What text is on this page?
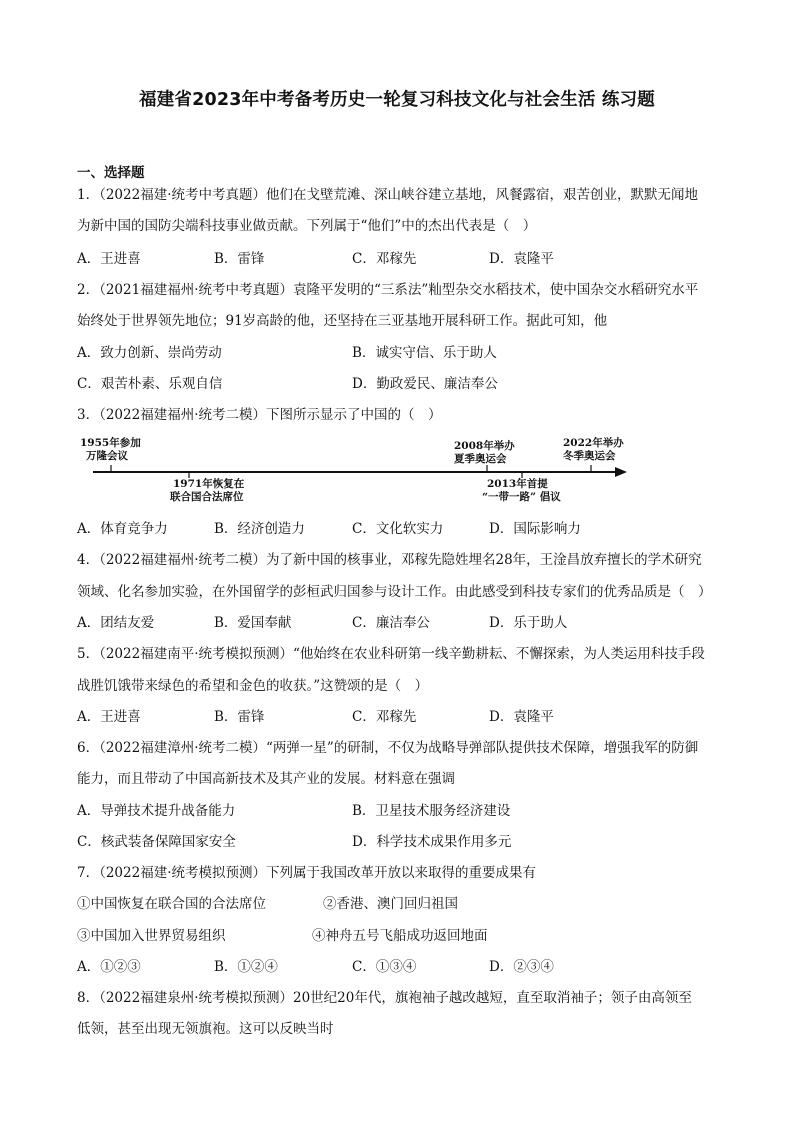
福建省2023年中考备考历史一轮复习科技文化与社会生活 练习题
一、选择题
1．（2022福建·统考中考真题）他们在戈壁荒滩、深山峡谷建立基地，风餐露宿，艰苦创业，默默无闻地
为新中国的国防尖端科技事业做贡献。下列属于“他们”中的杰出代表是（　）
A．王进喜	B．雷锋	C．邓稼先	D．袁隆平
2．（2021福建福州·统考中考真题）袁隆平发明的“三系法”籼型杂交水稻技术，使中国杂交水稻研究水平
始终处于世界领先地位；91岁高龄的他，还坚持在三亚基地开展科研工作。据此可知，他
A．致力创新、崇尚劳动	B．诚实守信、乐于助人
C．艰苦朴素、乐观自信	D．勤政爱民、廉洁奉公
3．（2022福建福州·统考二模）下图所示显示了中国的（　）
1955年参加
万隆会议
1971年恢复在
联合国合法席位
2008年举办
夏季奥运会
2013年首提
“一带一路” 倡议
2022年举办
冬季奥运会
A．体育竞争力	B．经济创造力	C．文化软实力	D．国际影响力
4．（2022福建福州·统考二模）为了新中国的核事业，邓稼先隐姓埋名28年，王淦昌放弃擅长的学术研究
领域、化名参加实验，在外国留学的彭桓武归国参与设计工作。由此感受到科技专家们的优秀品质是（　）
A．团结友爱	B．爱国奉献	C．廉洁奉公	D．乐于助人
5．（2022福建南平·统考模拟预测）“他始终在农业科研第一线辛勤耕耘、不懈探索，为人类运用科技手段
战胜饥饿带来绿色的希望和金色的收获。”这赞颂的是（　）
A．王进喜	B．雷锋	C．邓稼先	D．袁隆平
6．（2022福建漳州·统考二模）“两弹一星”的研制，不仅为战略导弹部队提供技术保障，增强我军的防御
能力，而且带动了中国高新技术及其产业的发展。材料意在强调
A．导弹技术提升战备能力	B．卫星技术服务经济建设
C．核武装备保障国家安全	D．科学技术成果作用多元
7．（2022福建·统考模拟预测）下列属于我国改革开放以来取得的重要成果有
①中国恢复在联合国的合法席位	②香港、澳门回归祖国
③中国加入世界贸易组织	④神舟五号飞船成功返回地面
A．①②③	B．①②④	C．①③④	D．②③④
8．（2022福建泉州·统考模拟预测）20世纪20年代，旗袍袖子越改越短，直至取消袖子；领子由高领至
低领，甚至出现无领旗袍。这可以反映当时
